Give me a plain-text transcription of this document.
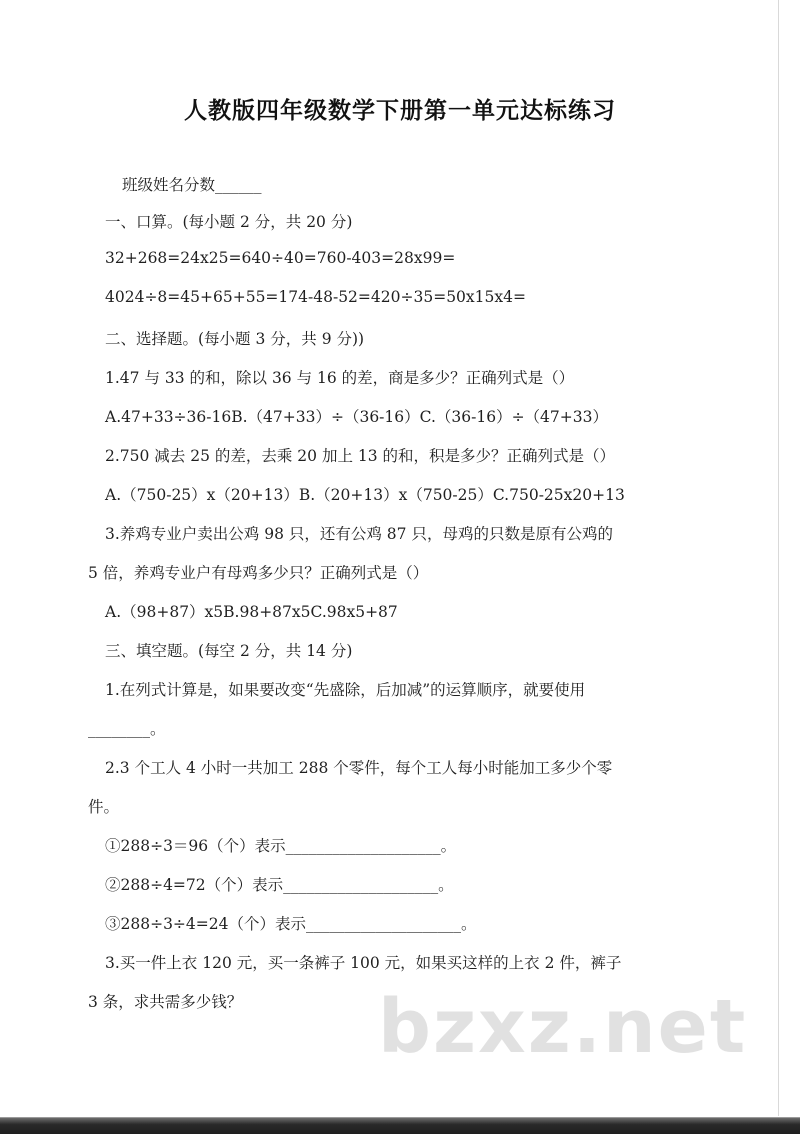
人教版四年级数学下册第一单元达标练习
班级姓名分数______
一、口算。(每小题 2 分，共 20 分)
32+268=24x25=640÷40=760-403=28x99=
4024÷8=45+65+55=174-48-52=420÷35=50x15x4=
二、选择题。(每小题 3 分，共 9 分))
1.47 与 33 的和，除以 36 与 16 的差，商是多少？正确列式是（）
A.47+33÷36-16B.（47+33）÷（36-16）C.（36-16）÷（47+33）
2.750 减去 25 的差，去乘 20 加上 13 的和，积是多少？正确列式是（）
A.（750-25）x（20+13）B.（20+13）x（750-25）C.750-25x20+13
3.养鸡专业户卖出公鸡 98 只，还有公鸡 87 只，母鸡的只数是原有公鸡的
5 倍，养鸡专业户有母鸡多少只？正确列式是（）
A.（98+87）x5B.98+87x5C.98x5+87
三、填空题。(每空 2 分，共 14 分)
1.在列式计算是，如果要改变“先盛除，后加减”的运算顺序，就要使用
________。
2.3 个工人 4 小时一共加工 288 个零件，每个工人每小时能加工多少个零
件。
①288÷3＝96（个）表示____________________。
②288÷4=72（个）表示____________________。
③288÷3÷4=24（个）表示____________________。
3.买一件上衣 120 元，买一条裤子 100 元，如果买这样的上衣 2 件，裤子
3 条，求共需多少钱？ bzxz.net
